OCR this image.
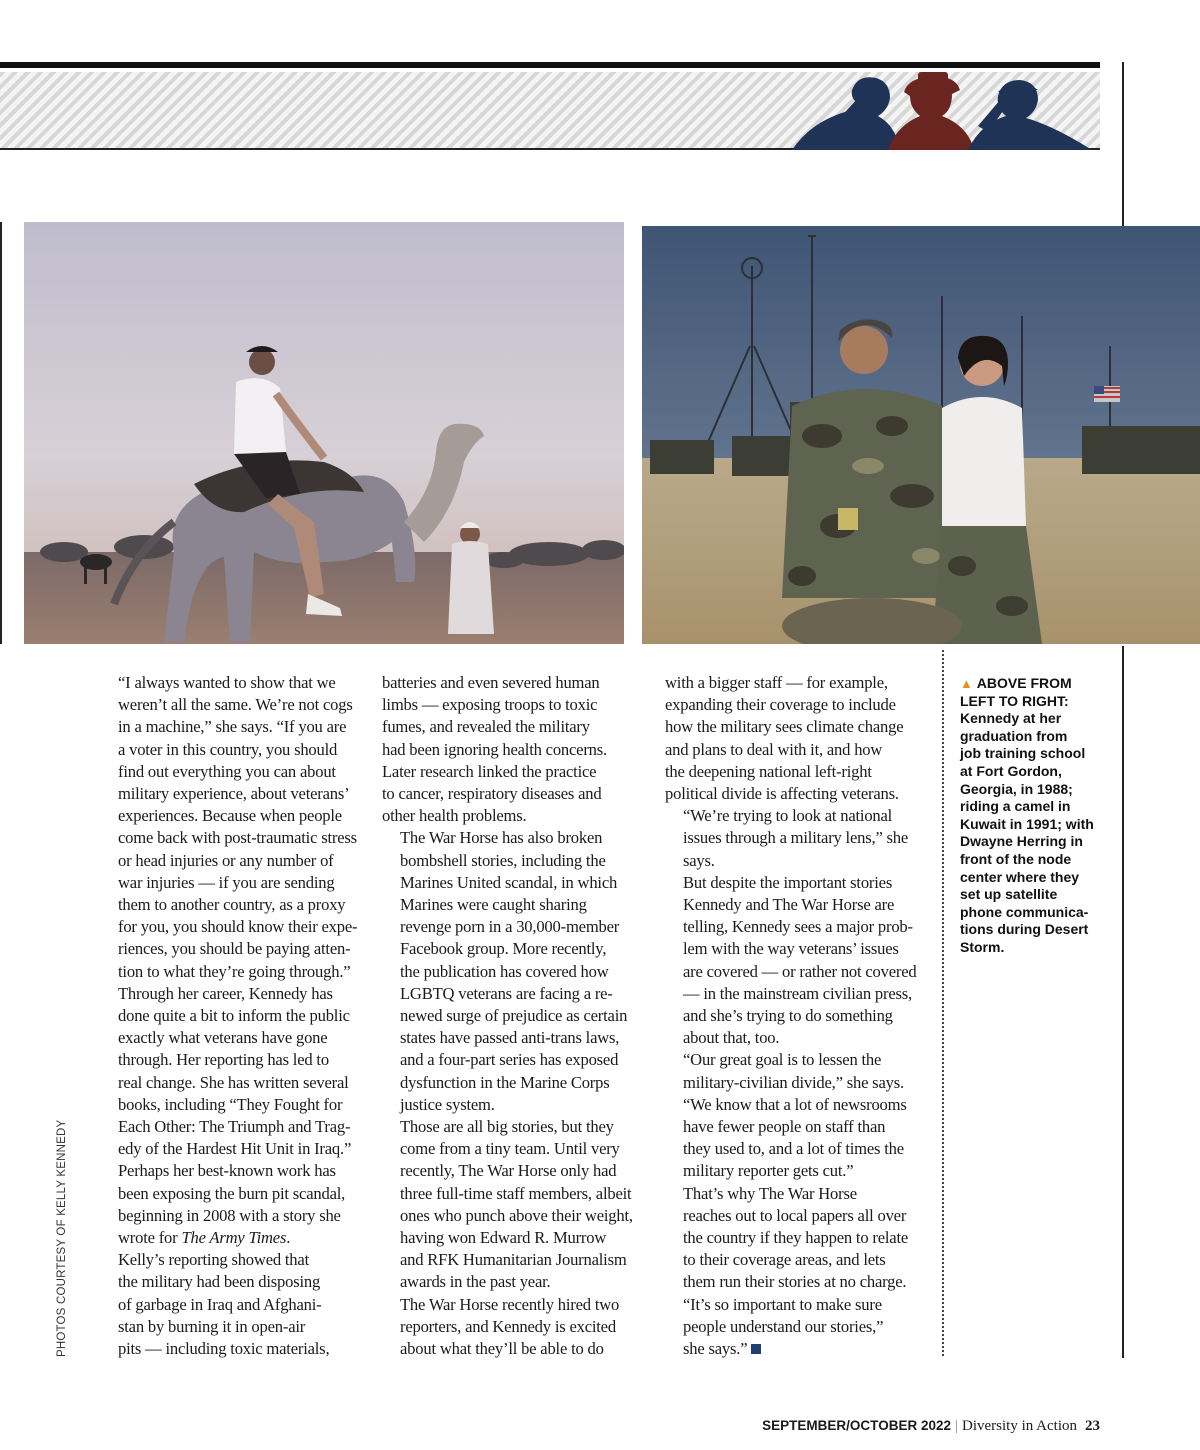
PHOTOS COURTESY OF KELLY KENNEDY

“I always wanted to show that we
weren’t all the same. We’re not cogs
in a machine,” she says. “If you are
a voter in this country, you should
find out everything you can about
military experience, about veterans’
experiences. Because when people
come back with post-traumatic stress
or head injuries or any number of
war injuries — if you are sending
them to another country, as a proxy
for you, you should know their expe-
riences, you should be paying atten-
tion to what they’re going through.”

Through her career, Kennedy has
done quite a bit to inform the public
exactly what veterans have gone
through. Her reporting has led to
real change. She has written several
books, including “They Fought for
Each Other: The Triumph and Trag-
edy of the Hardest Hit Unit in Iraq.”
Perhaps her best-known work has
been exposing the burn pit scandal,
beginning in 2008 with a story she
wrote for The Army Times.

Kelly’s reporting showed that
the military had been disposing
of garbage in Iraq and Afghani-
stan by burning it in open-air
pits — including toxic materials,

batteries and even severed human
limbs — exposing troops to toxic
fumes, and revealed the military
had been ignoring health concerns.
Later research linked the practice
to cancer, respiratory diseases and
other health problems.

The War Horse has also broken
bombshell stories, including the
Marines United scandal, in which
Marines were caught sharing
revenge porn in a 30,000-member
Facebook group. More recently,
the publication has covered how
LGBTQ veterans are facing a re-
newed surge of prejudice as certain
states have passed anti-trans laws,
and a four-part series has exposed
dysfunction in the Marine Corps
justice system.

Those are all big stories, but they
come from a tiny team. Until very
recently, The War Horse only had
three full-time staff members, albeit
ones who punch above their weight,
having won Edward R. Murrow
and RFK Humanitarian Journalism
awards in the past year.

The War Horse recently hired two
reporters, and Kennedy is excited
about what they’ll be able to do

with a bigger staff — for example,
expanding their coverage to include
how the military sees climate change
and plans to deal with it, and how
the deepening national left-right
political divide is affecting veterans.

“We’re trying to look at national
issues through a military lens,” she
says.

But despite the important stories
Kennedy and The War Horse are
telling, Kennedy sees a major prob-
lem with the way veterans’ issues
are covered — or rather not covered
— in the mainstream civilian press,
and she’s trying to do something
about that, too.

“Our great goal is to lessen the
military-civilian divide,” she says.
“We know that a lot of newsrooms
have fewer people on staff than
they used to, and a lot of times the
military reporter gets cut.”

That’s why The War Horse
reaches out to local papers all over
the country if they happen to relate
to their coverage areas, and lets
them run their stories at no charge.
“It’s so important to make sure
people understand our stories,”
she says.”

▲ ABOVE FROM
LEFT TO RIGHT:
Kennedy at her
graduation from
job training school
at Fort Gordon,
Georgia, in 1988;
riding a camel in
Kuwait in 1991; with
Dwayne Herring in
front of the node
center where they
set up satellite
phone communica-
tions during Desert
Storm.
SEPTEMBER/OCTOBER 2022 | Diversity in Action 23
